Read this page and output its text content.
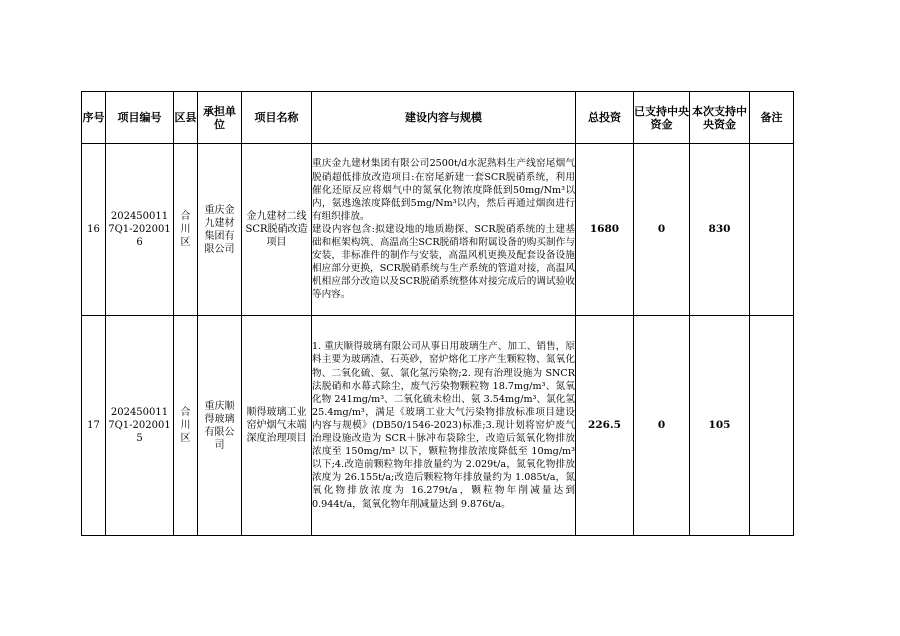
序号	项目编号	区县	承担单位	项目名称	建设内容与规模	总投资	已支持中央资金	本次支持中央资金	备注
16	2024500117Q1-2020016	合川区	重庆金九建材集团有限公司	金九建材二线SCR脱硝改造项目	重庆金九建材集团有限公司2500t/d水泥熟料生产线窑尾烟气脱硝超低排放改造项目:在窑尾新建一套SCR脱硝系统，利用催化还原反应将烟气中的氮氧化物浓度降低到50mg/Nm³以内，氨逃逸浓度降低到5mg/Nm³以内，然后再通过烟囱进行有组织排放。
建设内容包含:拟建设地的地质勘探、SCR脱硝系统的土建基础和框架构筑、高温高尘SCR脱硝塔和附属设备的购买制作与安装，非标准件的制作与安装，高温风机更换及配套设备设施相应部分更换，SCR脱硝系统与生产系统的管道对接，高温风机相应部分改造以及SCR脱硝系统整体对接完成后的调试验收等内容。	1680	0	830	
17	2024500117Q1-2020015	合川区	重庆顺得玻璃有限公司	顺得玻璃工业窑炉烟气末端深度治理项目	1. 重庆顺得玻璃有限公司从事日用玻璃生产、加工、销售，原料主要为玻璃渣、石英砂，窑炉熔化工序产生颗粒物、氮氧化物、二氧化硫、氨、氯化氢污染物;2. 现有治理设施为 SNCR 法脱硝和水幕式除尘，废气污染物颗粒物 18.7mg/m³、氮氧化物 241mg/m³、二氧化硫未检出、氨 3.54mg/m³、氯化氢 25.4mg/m³，满足《玻璃工业大气污染物排放标准项目建设内容与规模》(DB50/1546-2023)标准;3.现计划将窑炉废气治理设施改造为 SCR＋脉冲布袋除尘，改造后氮氧化物排放浓度至 150mg/m³ 以下，颗粒物排放浓度降低至 10mg/m³ 以下;4.改造前颗粒物年排放量约为 2.029t/a，氮氧化物排放浓度为 26.155t/a;改造后颗粒物年排放量约为 1.085t/a，氮氧化物排放浓度为 16.279t/a，颗粒物年削减量达到 0.944t/a，氮氧化物年削减量达到 9.876t/a。	226.5	0	105	
